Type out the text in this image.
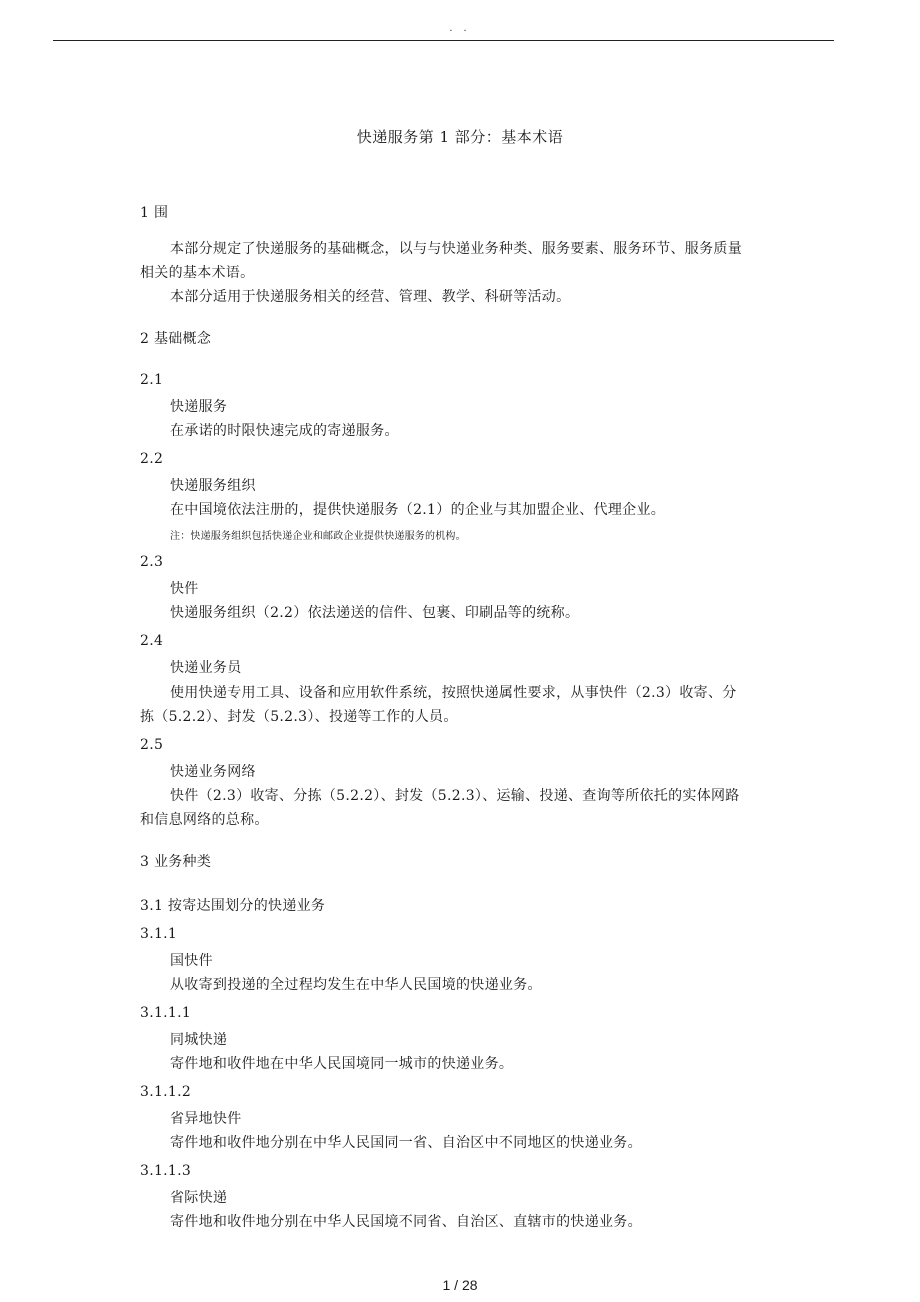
. .
快递服务第 1 部分：基本术语
1 围
本部分规定了快递服务的基础概念，以与与快递业务种类、服务要素、服务环节、服务质量
相关的基本术语。
本部分适用于快递服务相关的经营、管理、教学、科研等活动。
2 基础概念
2.1
快递服务
在承诺的时限快速完成的寄递服务。
2.2
快递服务组织
在中国境依法注册的，提供快递服务（2.1）的企业与其加盟企业、代理企业。
注：快递服务组织包括快递企业和邮政企业提供快递服务的机构。
2.3
快件
快递服务组织（2.2）依法递送的信件、包裹、印刷品等的统称。
2.4
快递业务员
使用快递专用工具、设备和应用软件系统，按照快递属性要求，从事快件（2.3）收寄、分
拣（5.2.2）、封发（5.2.3）、投递等工作的人员。
2.5
快递业务网络
快件（2.3）收寄、分拣（5.2.2）、封发（5.2.3）、运输、投递、查询等所依托的实体网路
和信息网络的总称。
3 业务种类
3.1 按寄达围划分的快递业务
3.1.1
国快件
从收寄到投递的全过程均发生在中华人民国境的快递业务。
3.1.1.1
同城快递
寄件地和收件地在中华人民国境同一城市的快递业务。
3.1.1.2
省异地快件
寄件地和收件地分别在中华人民国同一省、自治区中不同地区的快递业务。
3.1.1.3
省际快递
寄件地和收件地分别在中华人民国境不同省、自治区、直辖市的快递业务。
1 / 28
